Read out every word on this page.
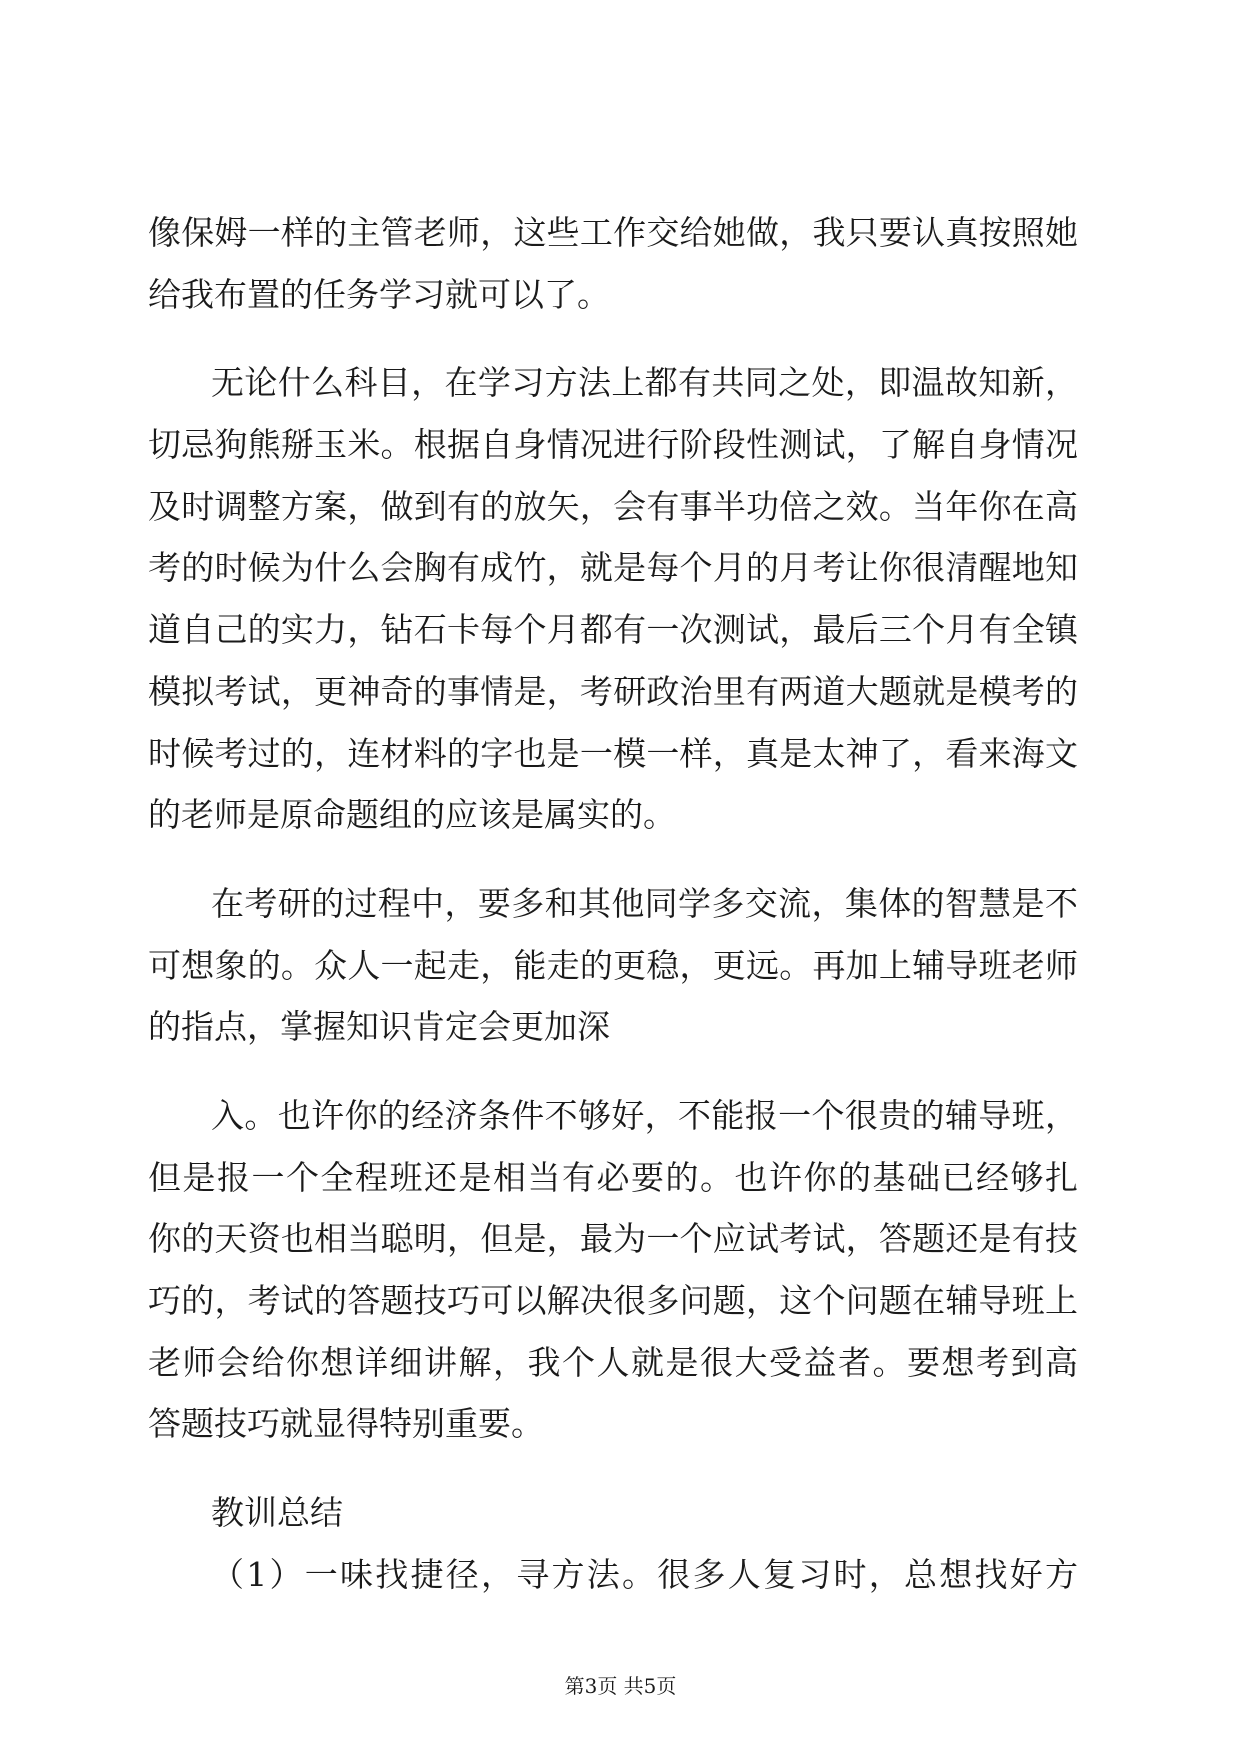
像保姆一样的主管老师，这些工作交给她做，我只要认真按照她
给我布置的任务学习就可以了。
无论什么科目，在学习方法上都有共同之处，即温故知新，
切忌狗熊掰玉米。根据自身情况进行阶段性测试，了解自身情况
及时调整方案，做到有的放矢，会有事半功倍之效。当年你在高
考的时候为什么会胸有成竹，就是每个月的月考让你很清醒地知
道自己的实力，钻石卡每个月都有一次测试，最后三个月有全镇
模拟考试，更神奇的事情是，考研政治里有两道大题就是模考的
时候考过的，连材料的字也是一模一样，真是太神了，看来海文
的老师是原命题组的应该是属实的。
在考研的过程中，要多和其他同学多交流，集体的智慧是不
可想象的。众人一起走，能走的更稳，更远。再加上辅导班老师
的指点，掌握知识肯定会更加深
入。也许你的经济条件不够好，不能报一个很贵的辅导班，
但是报一个全程班还是相当有必要的。也许你的基础已经够扎
你的天资也相当聪明，但是，最为一个应试考试，答题还是有技
巧的，考试的答题技巧可以解决很多问题，这个问题在辅导班上
老师会给你想详细讲解，我个人就是很大受益者。要想考到高
答题技巧就显得特别重要。
教训总结
（1）一味找捷径，寻方法。很多人复习时，总想找好方
第3页 共5页
